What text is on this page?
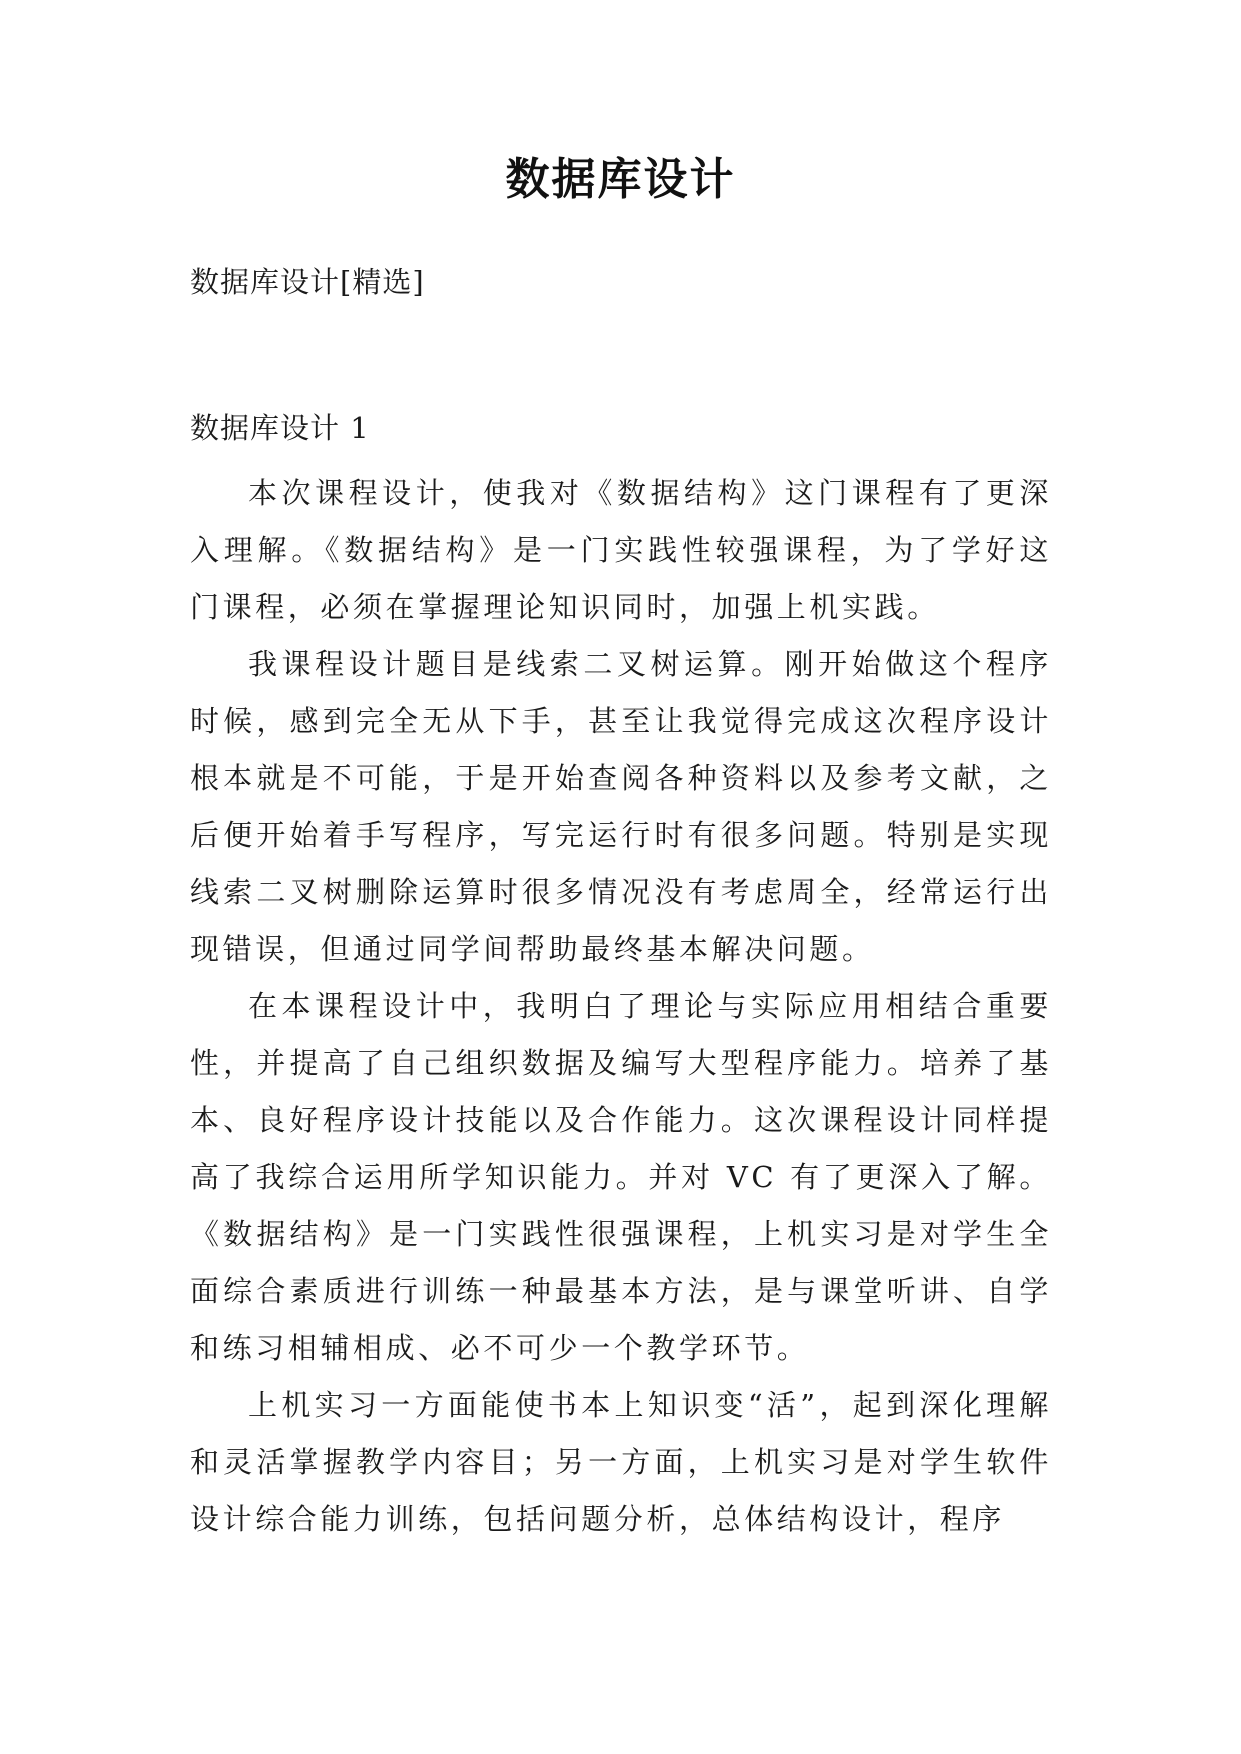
数据库设计

数据库设计[精选]

数据库设计 1

本次课程设计，使我对《数据结构》这门课程有了更深入理解。《数据结构》是一门实践性较强课程，为了学好这门课程，必须在掌握理论知识同时，加强上机实践。

我课程设计题目是线索二叉树运算。刚开始做这个程序时候，感到完全无从下手，甚至让我觉得完成这次程序设计根本就是不可能，于是开始查阅各种资料以及参考文献，之后便开始着手写程序，写完运行时有很多问题。特别是实现线索二叉树删除运算时很多情况没有考虑周全，经常运行出现错误，但通过同学间帮助最终基本解决问题。

在本课程设计中，我明白了理论与实际应用相结合重要性，并提高了自己组织数据及编写大型程序能力。培养了基本、良好程序设计技能以及合作能力。这次课程设计同样提高了我综合运用所学知识能力。并对 VC 有了更深入了解。《数据结构》是一门实践性很强课程，上机实习是对学生全面综合素质进行训练一种最基本方法，是与课堂听讲、自学和练习相辅相成、必不可少一个教学环节。

上机实习一方面能使书本上知识变“活”，起到深化理解和灵活掌握教学内容目；另一方面，上机实习是对学生软件设计综合能力训练，包括问题分析，总体结构设计，程序
